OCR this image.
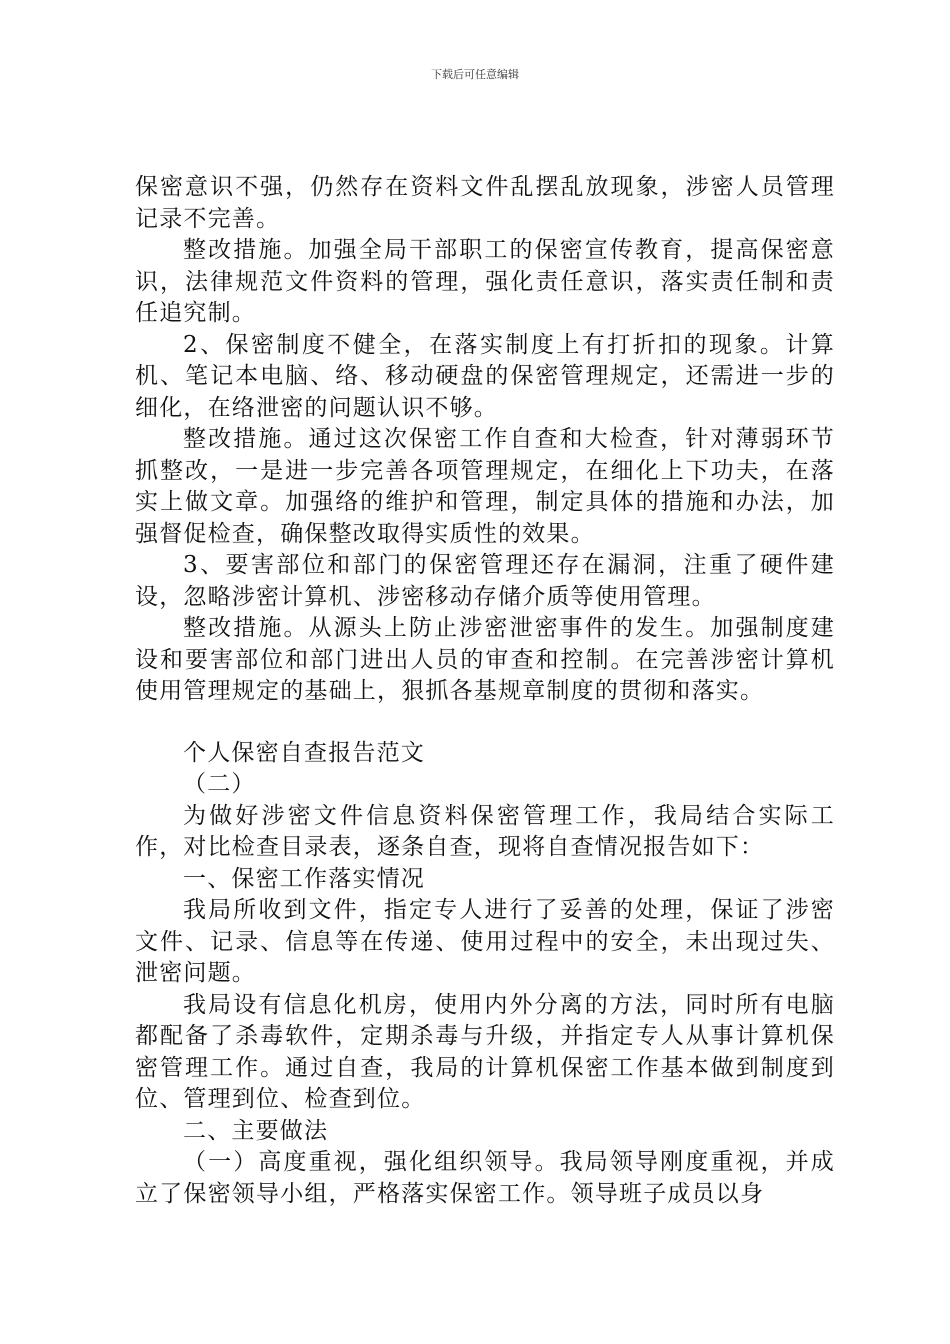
下载后可任意编辑

保密意识不强，仍然存在资料文件乱摆乱放现象，涉密人员管理记录不完善。

整改措施。加强全局干部职工的保密宣传教育，提高保密意识，法律规范文件资料的管理，强化责任意识，落实责任制和责任追究制。

2、保密制度不健全，在落实制度上有打折扣的现象。计算机、笔记本电脑、络、移动硬盘的保密管理规定，还需进一步的细化，在络泄密的问题认识不够。

整改措施。通过这次保密工作自查和大检查，针对薄弱环节抓整改，一是进一步完善各项管理规定，在细化上下功夫，在落实上做文章。加强络的维护和管理，制定具体的措施和办法，加强督促检查，确保整改取得实质性的效果。

3、要害部位和部门的保密管理还存在漏洞，注重了硬件建设，忽略涉密计算机、涉密移动存储介质等使用管理。

整改措施。从源头上防止涉密泄密事件的发生。加强制度建设和要害部位和部门进出人员的审查和控制。在完善涉密计算机使用管理规定的基础上，狠抓各基规章制度的贯彻和落实。

个人保密自查报告范文

（二）

为做好涉密文件信息资料保密管理工作，我局结合实际工作，对比检查目录表，逐条自查，现将自查情况报告如下：

一、保密工作落实情况

我局所收到文件，指定专人进行了妥善的处理，保证了涉密文件、记录、信息等在传递、使用过程中的安全，未出现过失、泄密问题。

我局设有信息化机房，使用内外分离的方法，同时所有电脑都配备了杀毒软件，定期杀毒与升级，并指定专人从事计算机保密管理工作。通过自查，我局的计算机保密工作基本做到制度到位、管理到位、检查到位。

二、主要做法

（一）高度重视，强化组织领导。我局领导刚度重视，并成立了保密领导小组，严格落实保密工作。领导班子成员以身
